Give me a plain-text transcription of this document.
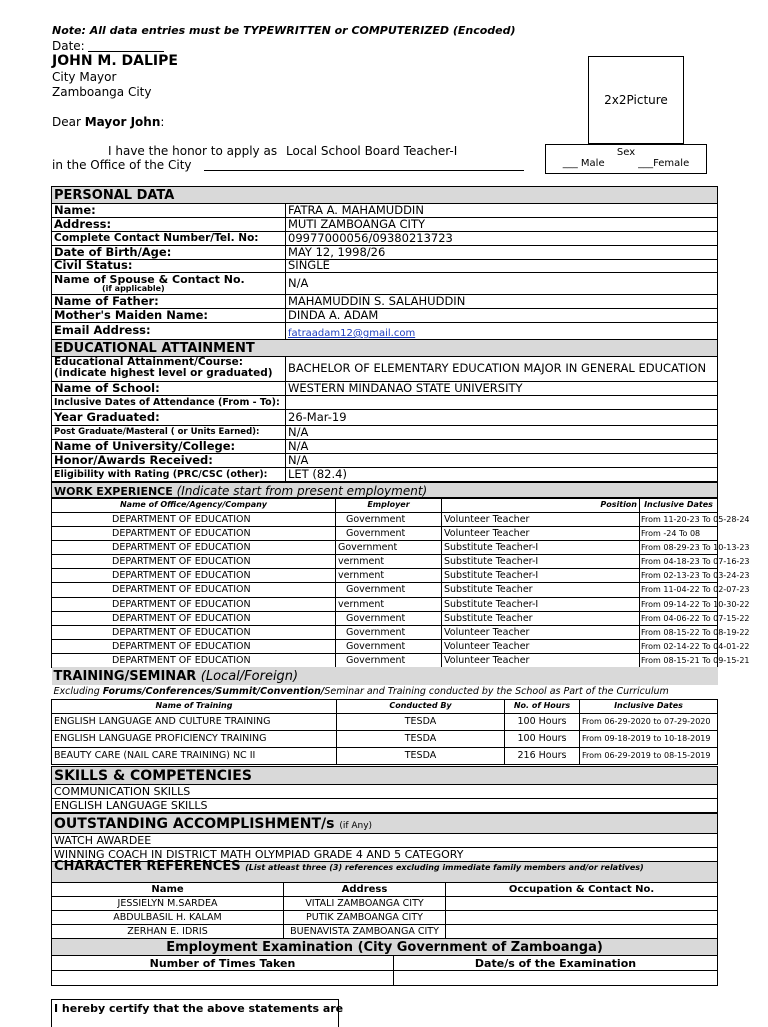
Note: All data entries must be TYPEWRITTEN or COMPUTERIZED (Encoded)
Date:
JOHN M. DALIPE
City Mayor
Zamboanga City
Dear Mayor John:
I have the honor to apply as Local School Board Teacher-I
in the Office of the City
2x2Picture
Sex
___ Male	___Female
PERSONAL DATA	
Name:	FATRA A. MAHAMUDDIN
Address:	MUTI ZAMBOANGA CITY
Complete Contact Number/Tel. No:	09977000056/09380213723
Date of Birth/Age:	MAY 12, 1998/26
Civil Status:	SINGLE

Name of Spouse & Contact No.
(if applicable)	N/A
Name of Father:	MAHAMUDDIN S. SALAHUDDIN
Mother's Maiden Name:	DINDA A. ADAM
Email Address:	fatraadam12@gmail.com
EDUCATIONAL ATTAINMENT	

Educational Attainment/Course: (indicate highest level or graduated)	BACHELOR OF ELEMENTARY EDUCATION MAJOR IN GENERAL EDUCATION
Name of School:	WESTERN MINDANAO STATE UNIVERSITY
Inclusive Dates of Attendance (From - To):	
Year Graduated:	26-Mar-19
Post Graduate/Masteral ( or Units Earned):	N/A
Name of University/College:	N/A
Honor/Awards Received:	N/A
Eligibility with Rating (PRC/CSC (other):	LET (82.4)
WORK EXPERIENCE (Indicate start from present employment)
Name of Office/Agency/Company	Employer	Position	Inclusive Dates
DEPARTMENT OF EDUCATION	Government	Volunteer Teacher	From 11-20-23 To 05-28-24
DEPARTMENT OF EDUCATION	Government	Volunteer Teacher	From -24 To 08
DEPARTMENT OF EDUCATION	Government	Substitute Teacher-I	From 08-29-23 To 10-13-23
DEPARTMENT OF EDUCATION	vernment	Substitute Teacher-I	From 04-18-23 To 07-16-23
DEPARTMENT OF EDUCATION	vernment	Substitute Teacher-I	From 02-13-23 To 03-24-23
DEPARTMENT OF EDUCATION	Government	Substitute Teacher	From 11-04-22 To 02-07-23
DEPARTMENT OF EDUCATION	vernment	Substitute Teacher-I	From 09-14-22 To 10-30-22
DEPARTMENT OF EDUCATION	Government	Substitute Teacher	From 04-06-22 To 07-15-22
DEPARTMENT OF EDUCATION	Government	Volunteer Teacher	From 08-15-22 To 08-19-22
DEPARTMENT OF EDUCATION	Government	Volunteer Teacher	From 02-14-22 To 04-01-22
DEPARTMENT OF EDUCATION	Government	Volunteer Teacher	From 08-15-21 To 09-15-21
TRAINING/SEMINAR (Local/Foreign)			
Excluding Forums/Conferences/Summit/Convention/Seminar and Training conducted by the School as Part of the Curriculum			
Name of Training	Conducted By	No. of Hours	Inclusive Dates
ENGLISH LANGUAGE AND CULTURE TRAINING	TESDA	100 Hours	From 06-29-2020 to 07-29-2020
ENGLISH LANGUAGE PROFICIENCY TRAINING	TESDA	100 Hours	From 09-18-2019 to 10-18-2019
BEAUTY CARE (NAIL CARE TRAINING) NC II	TESDA	216 Hours	From 06-29-2019 to 08-15-2019
SKILLS & COMPETENCIES
COMMUNICATION SKILLS
ENGLISH LANGUAGE SKILLS
OUTSTANDING ACCOMPLISHMENT/s (if Any)
WATCH AWARDEE
WINNING COACH IN DISTRICT MATH OLYMPIAD GRADE 4 AND 5 CATEGORY
CHARACTER REFERENCES (List atleast three (3) references excluding immediate family members and/or relatives)		

Name	Address	Occupation & Contact No.
JESSIELYN M.SARDEA	VITALI ZAMBOANGA CITY	
ABDULBASIL H. KALAM	PUTIK ZAMBOANGA CITY	
ZERHAN E. IDRIS	BUENAVISTA ZAMBOANGA CITY	
Employment Examination (City Government of Zamboanga)	
Number of Times Taken	Date/s of the Examination

I hereby certify that the above statements are
